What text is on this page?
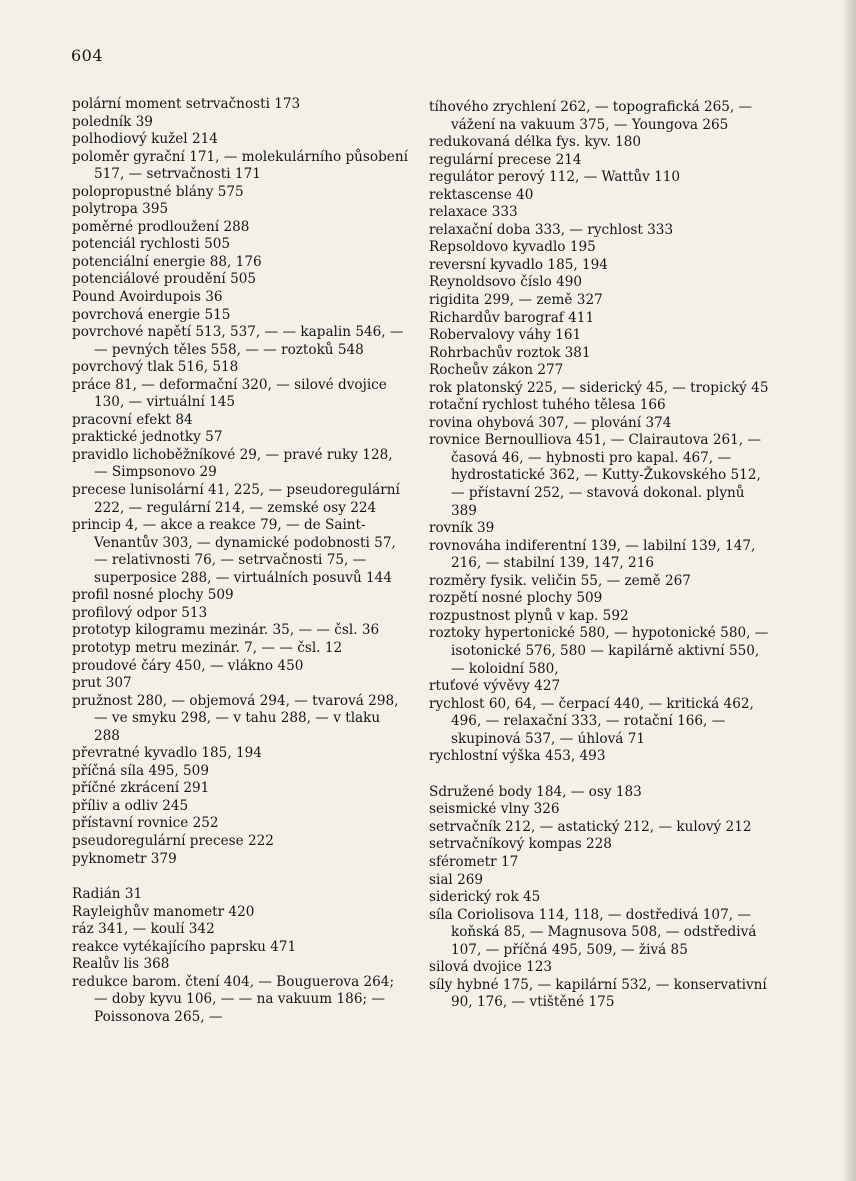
604

polární moment setrvačnosti 173

poledník 39

polhodiový kužel 214

poloměr gyrační 171, — molekulárního působení 517, — setrvačnosti 171

polopropustné blány 575

polytropa 395

poměrné prodloužení 288

potenciál rychlosti 505

potenciální energie 88, 176

potenciálové proudění 505

Pound Avoirdupois 36

povrchová energie 515

povrchové napětí 513, 537, — — kapalin 546, — — pevných těles 558, — — roztoků 548

povrchový tlak 516, 518

práce 81, — deformační 320, — silové dvojice 130, — virtuální 145

pracovní efekt 84

praktické jednotky 57

pravidlo lichoběžníkové 29, — pravé ruky 128, — Simpsonovo 29

precese lunisolární 41, 225, — pseudoregulární 222, — regulární 214, — zemské osy 224

princip 4, — akce a reakce 79, — de Saint-Venantův 303, — dynamické podobnosti 57, — relativnosti 76, — setrvačnosti 75, — superposice 288, — virtuálních posuvů 144

profil nosné plochy 509

profilový odpor 513

prototyp kilogramu mezinár. 35, — — čsl. 36

prototyp metru mezinár. 7, — — čsl. 12

proudové čáry 450, — vlákno 450

prut 307

pružnost 280, — objemová 294, — tvarová 298, — ve smyku 298, — v tahu 288, — v tlaku 288

převratné kyvadlo 185, 194

příčná síla 495, 509

příčné zkrácení 291

příliv a odliv 245

přístavní rovnice 252

pseudoregulární precese 222

pyknometr 379

Radián 31

Rayleighův manometr 420

ráz 341, — koulí 342

reakce vytékajícího paprsku 471

Realův lis 368

redukce barom. čtení 404, — Bouguerova 264; — doby kyvu 106, — — na vakuum 186; — Poissonova 265, —

tíhového zrychlení 262, — topografická 265, — vážení na vakuum 375, — Youngova 265

redukovaná délka fys. kyv. 180

regulární precese 214

regulátor perový 112, — Wattův 110

rektascense 40

relaxace 333

relaxační doba 333, — rychlost 333

Repsoldovo kyvadlo 195

reversní kyvadlo 185, 194

Reynoldsovo číslo 490

rigidita 299, — země 327

Richardův barograf 411

Robervalovy váhy 161

Rohrbachův roztok 381

Rocheův zákon 277

rok platonský 225, — siderický 45, — tropický 45

rotační rychlost tuhého tělesa 166

rovina ohybová 307, — plování 374

rovnice Bernoulliova 451, — Clairautova 261, — časová 46, — hybnosti pro kapal. 467, — hydrostatické 362, — Kutty-Žukovského 512, — přístavní 252, — stavová dokonal. plynů 389

rovník 39

rovnováha indiferentní 139, — labilní 139, 147, 216, — stabilní 139, 147, 216

rozměry fysik. veličin 55, — země 267

rozpětí nosné plochy 509

rozpustnost plynů v kap. 592

roztoky hypertonické 580, — hypotonické 580, — isotonické 576, 580 — kapilárně aktivní 550, — koloidní 580,

rtuťové vývěvy 427

rychlost 60, 64, — čerpací 440, — kritická 462, 496, — relaxační 333, — rotační 166, — skupinová 537, — úhlová 71

rychlostní výška 453, 493

Sdružené body 184, — osy 183

seismické vlny 326

setrvačník 212, — astatický 212, — kulový 212

setrvačníkový kompas 228

sférometr 17

sial 269

siderický rok 45

síla Coriolisova 114, 118, — dostředivá 107, — koňská 85, — Magnusova 508, — odstředivá 107, — příčná 495, 509, — živá 85

silová dvojice 123

síly hybné 175, — kapilární 532, — konservativní 90, 176, — vtištěné 175
